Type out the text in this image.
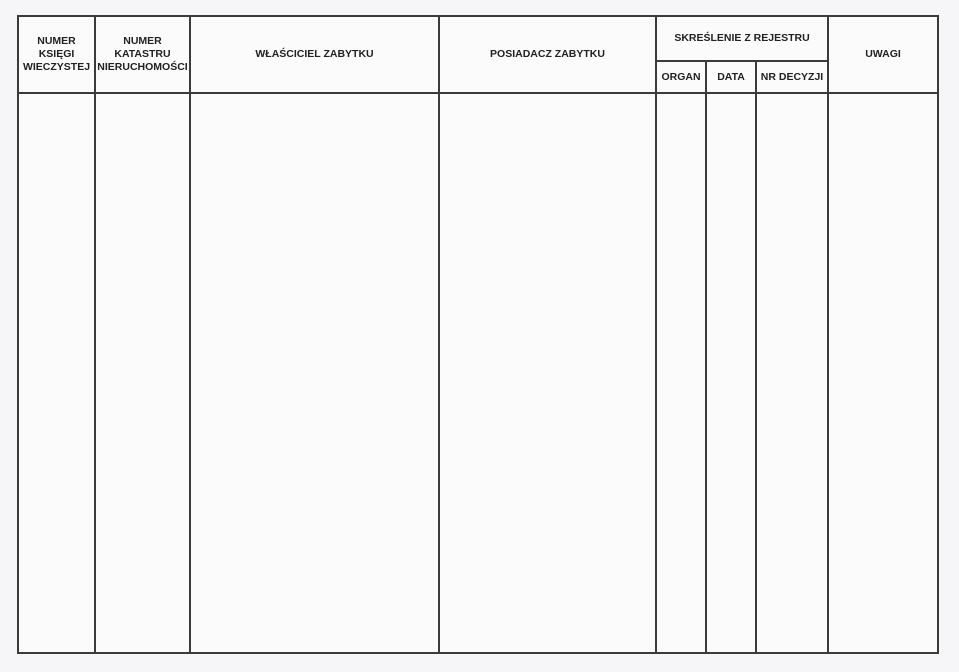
NUMER KSIĘGI WIECZYSTEJ	NUMER KATASTRU NIERUCHOMOŚCI	WŁAŚCICIEL ZABYTKU	POSIADACZ ZABYTKU	SKREŚLENIE Z REJESTRU			UWAGI
				ORGAN	DATA	NR DECYZJI	
